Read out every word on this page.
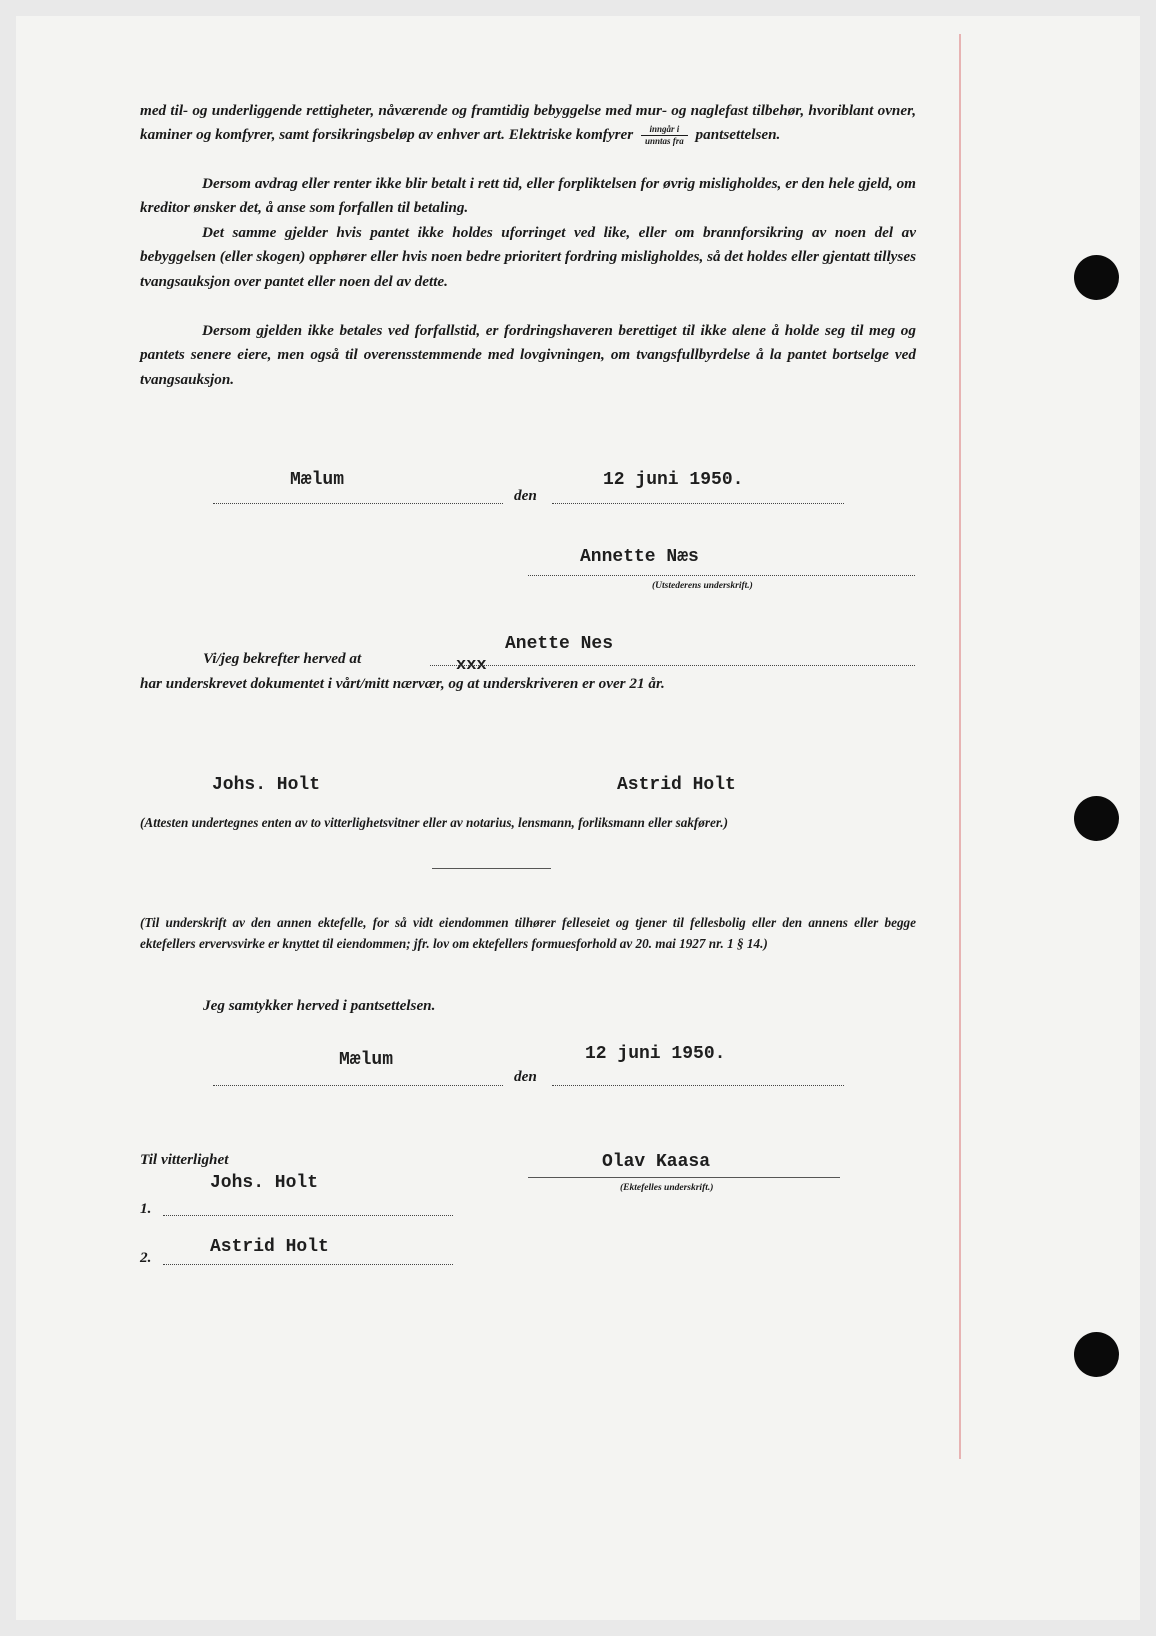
med til- og underliggende rettigheter, nåværende og framtidig bebyggelse med mur- og naglefast tilbehør, hvoriblant ovner, kaminer og komfyrer, samt forsikringsbeløp av enhver art. Elektriske komfyrer $\frac{\text{inngår i}}{\text{unntas fra}}$ pantsettelsen.

Dersom avdrag eller renter ikke blir betalt i rett tid, eller forpliktelsen for øvrig misligholdes, er den hele gjeld, om kreditor ønsker det, å anse som forfallen til betaling.

Det samme gjelder hvis pantet ikke holdes uforringet ved like, eller om brannforsikring av noen del av bebyggelsen (eller skogen) opphører eller hvis noen bedre prioritert fordring misligholdes, så det holdes eller gjentatt tillyses tvangsauksjon over pantet eller noen del av dette.

Dersom gjelden ikke betales ved forfallstid, er fordringshaveren berettiget til ikke alene å holde seg til meg og pantets senere eiere, men også til overensstemmende med lovgivningen, om tvangsfullbyrdelse å la pantet bortselge ved tvangsauksjon.

Mælum
den
12 juni 1950.
Annette Næs
(Utstederens underskrift.)
Anette Nes
Vi/jeg bekrefter herved at	xxx
har underskrevet dokumentet i vårt/mitt nærvær, og at underskriveren er over 21 år.
Johs. Holt	Astrid Holt
(Attesten undertegnes enten av to vitterlighetsvitner eller av notarius, lensmann, forliksmann eller sakfører.)

(Til underskrift av den annen ektefelle, for så vidt eiendommen tilhører felleseiet og tjener til fellesbolig eller den annens eller begge ektefellers ervervsvirke er knyttet til eiendommen; jfr. lov om ektefellers formuesforhold av 20. mai 1927 nr. 1 § 14.)

Jeg samtykker herved i pantsettelsen.
Mælum
den
12 juni 1950.
Til vitterlighet	Olav Kaasa
(Ektefelles underskrift.)
Johs. Holt
1.
Astrid Holt
2.
